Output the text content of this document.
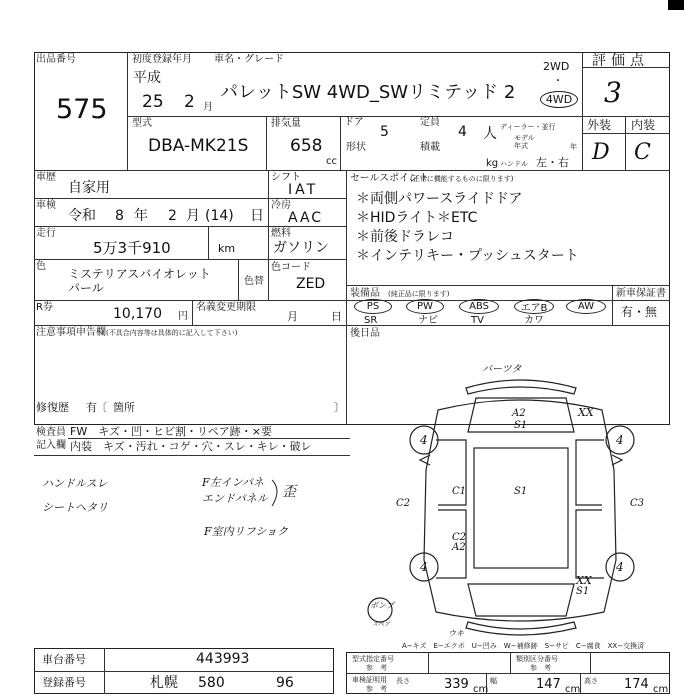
出品番号
575
初度登録年月
平成
25 2 月
車名・グレード
パレットSW 4WD_SWリミテッド 2
2WD
・
4WD
評価点
3
型式
DBA-MK21S
排気量
658
cc
ドア
5
定員
4 人 ディーラー・並行
モデル
年式	年
形状	積載
kg ハンドル 左・右
外装 内装
D C
車歴
自家用
シフト
IAT
車検
令和 8 年 2 月 (14) 日
冷房
AAC
走行
5万3千910	km
燃料
ガソリン
色
ミステリアスバイオレット
パール	色替
色コード
ZED
R券	10,170 円
名義変更期限
月	日
注意事項申告欄 (不具合内容等は具体的に記入して下さい)
修復歴 有 〔 箇所	〕
セールスポイント
(正常に機能するものに限ります)
＊両側パワースライドドア
＊HIDライト＊ETC
＊前後ドラレコ
＊インテリキー・プッシュスタート
装備品 (純正品に限ります)
PS	PW	ABS	エアB	AW
SR	ナビ	TV	カワ
新車保証書
有・無
後日品
検査員
記入欄
FW　キズ・凹・ヒビ割・リペア跡・×要
内装　キズ・汚れ・コゲ・穴・スレ・キレ・破レ
ハンドルスレ
シートヘタリ
F左インパネ
エンドパネル
F室内リフショク
歪
A2
S1
XX
4	4
C1	S1
C2	C3
C2
A2
4	4
XX
S1
バーツタ
ポンプ
スペア
ウキ
A−キズ　E−エクボ　U−凹み　W−補修跡　S−サビ　C−腐食　XX−交換済
車台番号	443993
登録番号	札幌 580	96
型式指定番号
参　考
類別区分番号
参　考
車検証明用
参　考
長さ	339 cm
幅	147 cm
高さ 174 cm
